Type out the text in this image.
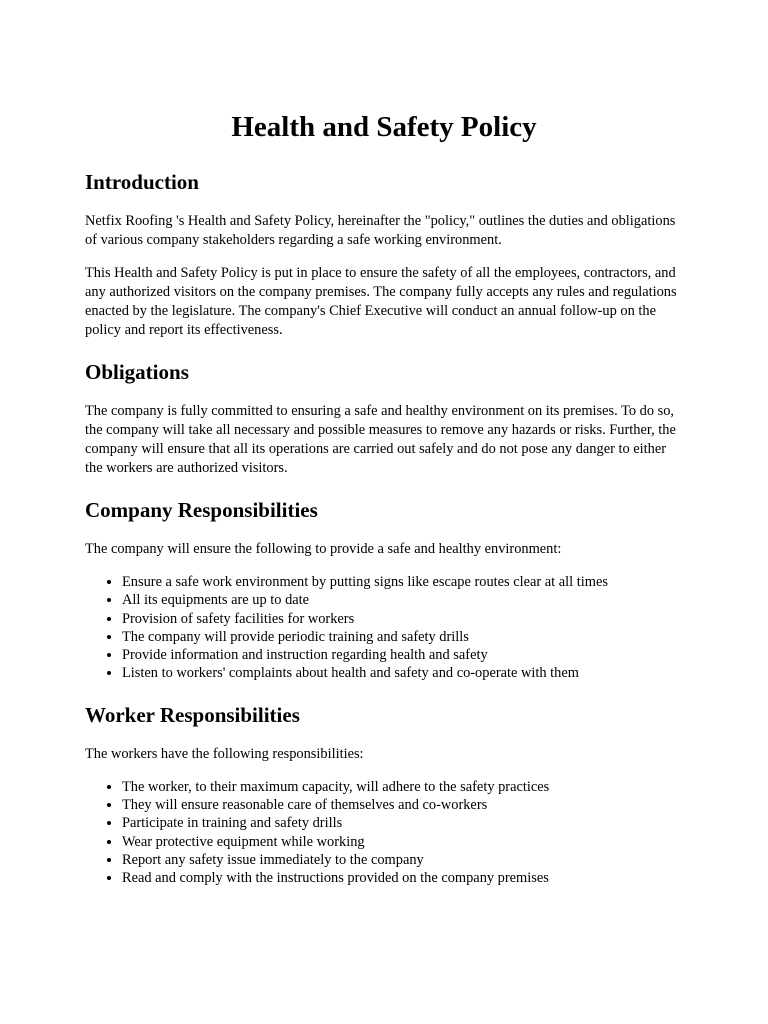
Health and Safety Policy
Introduction

Netfix Roofing 's Health and Safety Policy, hereinafter the "policy," outlines the duties and obligations of various company stakeholders regarding a safe working environment.

This Health and Safety Policy is put in place to ensure the safety of all the employees, contractors, and any authorized visitors on the company premises. The company fully accepts any rules and regulations enacted by the legislature. The company's Chief Executive will conduct an annual follow-up on the policy and report its effectiveness.

Obligations

The company is fully committed to ensuring a safe and healthy environment on its premises. To do so, the company will take all necessary and possible measures to remove any hazards or risks. Further, the company will ensure that all its operations are carried out safely and do not pose any danger to either the workers are authorized visitors.

Company Responsibilities

The company will ensure the following to provide a safe and healthy environment:

• Ensure a safe work environment by putting signs like escape routes clear at all times
• All its equipments are up to date
• Provision of safety facilities for workers
• The company will provide periodic training and safety drills
• Provide information and instruction regarding health and safety
• Listen to workers' complaints about health and safety and co-operate with them
Worker Responsibilities

The workers have the following responsibilities:

• The worker, to their maximum capacity, will adhere to the safety practices
• They will ensure reasonable care of themselves and co-workers
• Participate in training and safety drills
• Wear protective equipment while working
• Report any safety issue immediately to the company
• Read and comply with the instructions provided on the company premises
